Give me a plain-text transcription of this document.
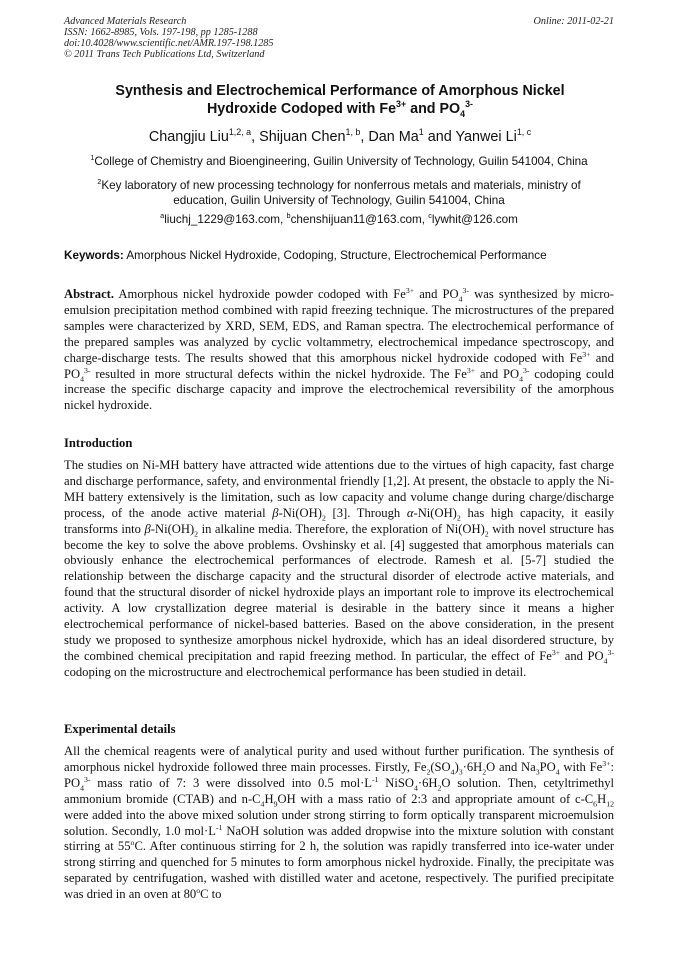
Advanced Materials Research
ISSN: 1662-8985, Vols. 197-198, pp 1285-1288
doi:10.4028/www.scientific.net/AMR.197-198.1285
© 2011 Trans Tech Publications Ltd, Switzerland
Online: 2011-02-21
Synthesis and Electrochemical Performance of Amorphous Nickel
Hydroxide Codoped with $Fe^{3+}$ and $PO_4^{3-}$
Changjiu Liu$^{1,2, a}$, Shijuan Chen$^{1, b}$, Dan Ma$^1$ and Yanwei Li$^{1, c}$
$^1$College of Chemistry and Bioengineering, Guilin University of Technology, Guilin 541004, China
$^2$Key laboratory of new processing technology for nonferrous metals and materials, ministry of
education, Guilin University of Technology, Guilin 541004, China
$^a$liuchj_1229@163.com, $^b$chenshijuan11@163.com, $^c$lywhit@126.com
Keywords: Amorphous Nickel Hydroxide, Codoping, Structure, Electrochemical Performance
Abstract. Amorphous nickel hydroxide powder codoped with $Fe^{3+}$ and $PO_4^{3-}$ was synthesized by micro-emulsion precipitation method combined with rapid freezing technique. The microstructures of the prepared samples were characterized by XRD, SEM, EDS, and Raman spectra. The electrochemical performance of the prepared samples was analyzed by cyclic voltammetry, electrochemical impedance spectroscopy, and charge-discharge tests. The results showed that this amorphous nickel hydroxide codoped with $Fe^{3+}$ and $PO_4^{3-}$ resulted in more structural defects within the nickel hydroxide. The $Fe^{3+}$ and $PO_4^{3-}$ codoping could increase the specific discharge capacity and improve the electrochemical reversibility of the amorphous nickel hydroxide.
Introduction
The studies on Ni-MH battery have attracted wide attentions due to the virtues of high capacity, fast charge and discharge performance, safety, and environmental friendly [1,2]. At present, the obstacle to apply the Ni-MH battery extensively is the limitation, such as low capacity and volume change during charge/discharge process, of the anode active material $\beta-Ni(OH)_2$ [3]. Through $\alpha-Ni(OH)_2$ has high capacity, it easily transforms into $\beta-Ni(OH)_2$ in alkaline media. Therefore, the exploration of $Ni(OH)_2$ with novel structure has become the key to solve the above problems. Ovshinsky et al. [4] suggested that amorphous materials can obviously enhance the electrochemical performances of electrode. Ramesh et al. [5-7] studied the relationship between the discharge capacity and the structural disorder of electrode active materials, and found that the structural disorder of nickel hydroxide plays an important role to improve its electrochemical activity. A low crystallization degree material is desirable in the battery since it means a higher electrochemical performance of nickel-based batteries. Based on the above consideration, in the present study we proposed to synthesize amorphous nickel hydroxide, which has an ideal disordered structure, by the combined chemical precipitation and rapid freezing method. In particular, the effect of $Fe^{3+}$ and $PO_4^{3-}$ codoping on the microstructure and electrochemical performance has been studied in detail.
Experimental details
All the chemical reagents were of analytical purity and used without further purification. The synthesis of amorphous nickel hydroxide followed three main processes. Firstly, $Fe_2(SO_4)_3\cdot 6H_2O$ and $Na_3PO_4$ with $Fe^{3+}$: $PO_4^{3-}$ mass ratio of 7: 3 were dissolved into 0.5 $mol\cdot L^{-1}$ $NiSO_4\cdot 6H_2O$ solution. Then, cetyltrimethyl ammonium bromide (CTAB) and $n-C_4H_9OH$ with a mass ratio of 2:3 and appropriate amount of $c-C_6H_{12}$ were added into the above mixed solution under strong stirring to form optically transparent microemulsion solution. Secondly, 1.0 $mol\cdot L^{-1}$ NaOH solution was added dropwise into the mixture solution with constant stirring at 55$^o$C. After continuous stirring for 2 h, the solution was rapidly transferred into ice-water under strong stirring and quenched for 5 minutes to form amorphous nickel hydroxide. Finally, the precipitate was separated by centrifugation, washed with distilled water and acetone, respectively. The purified precipitate was dried in an oven at 80$^o$C to
